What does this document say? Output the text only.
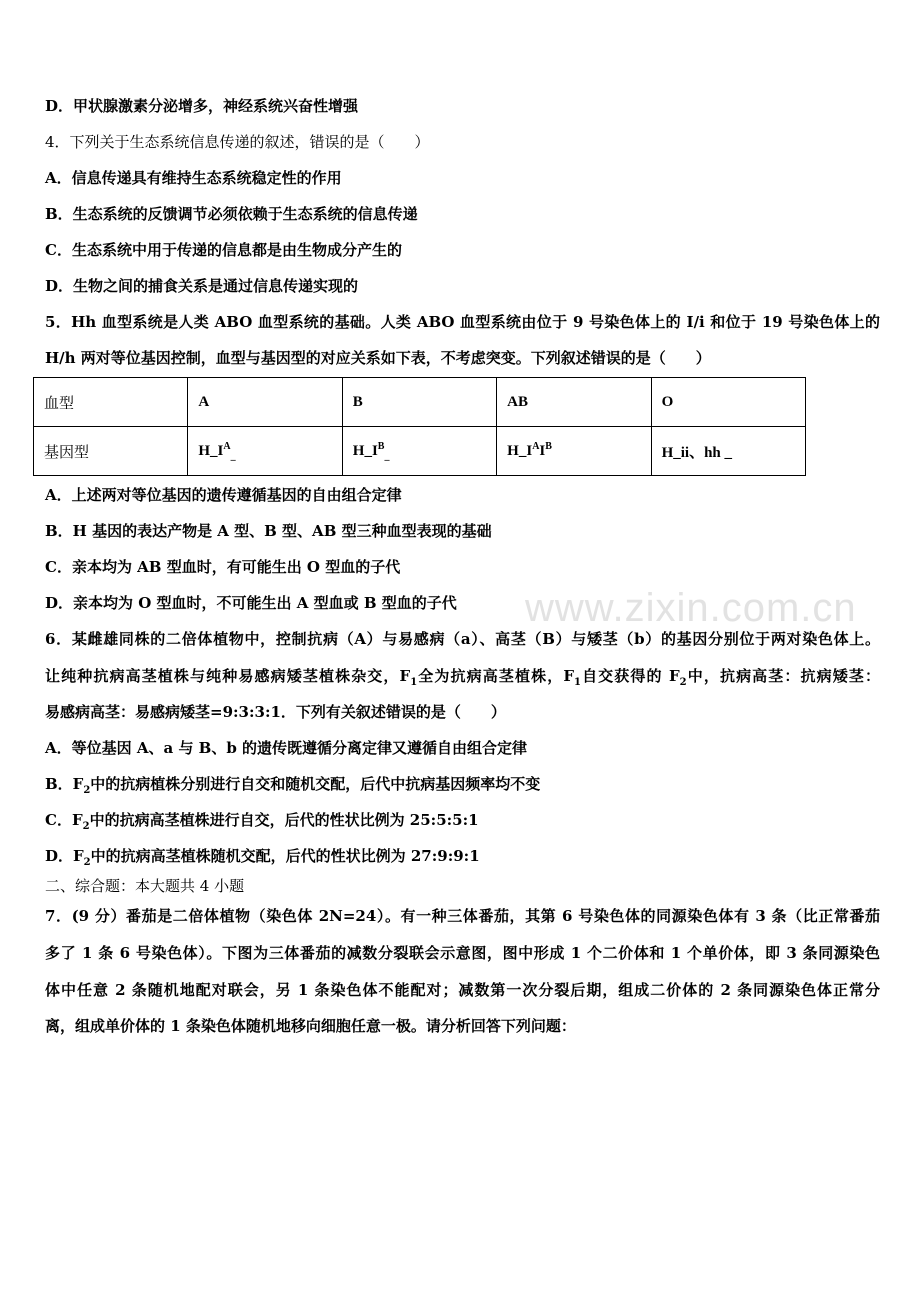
www.zixin.com.cn
D．甲状腺激素分泌增多，神经系统兴奋性增强
4．下列关于生态系统信息传递的叙述，错误的是（　　）
A．信息传递具有维持生态系统稳定性的作用
B．生态系统的反馈调节必须依赖于生态系统的信息传递
C．生态系统中用于传递的信息都是由生物成分产生的
D．生物之间的捕食关系是通过信息传递实现的
5．Hh 血型系统是人类 ABO 血型系统的基础。人类 ABO 血型系统由位于 9 号染色体上的 I/i 和位于 19 号染色体上的
H/h 两对等位基因控制，血型与基因型的对应关系如下表，不考虑突变。下列叙述错误的是（　　）
血型	A	B	AB	O
基因型	$H\_I^A_{\_}$	$H\_I^B_{\_}$	$H\_I^AI^B$	H_ii、hh _
A．上述两对等位基因的遗传遵循基因的自由组合定律
B．H 基因的表达产物是 A 型、B 型、AB 型三种血型表现的基础
C．亲本均为 AB 型血时，有可能生出 O 型血的子代
D．亲本均为 O 型血时，不可能生出 A 型血或 B 型血的子代
6．某雌雄同株的二倍体植物中，控制抗病（A）与易感病（a）、高茎（B）与矮茎（b）的基因分别位于两对染色体上。
让纯种抗病高茎植株与纯种易感病矮茎植株杂交，$F_1$全为抗病高茎植株，$F_1$自交获得的 $F_2$中，抗病高茎：抗病矮茎：
易感病高茎：易感病矮茎=9:3:3:1．下列有关叙述错误的是（　　）
A．等位基因 A、a 与 B、b 的遗传既遵循分离定律又遵循自由组合定律
B．$F_2$中的抗病植株分别进行自交和随机交配，后代中抗病基因频率均不变
C．$F_2$中的抗病高茎植株进行自交，后代的性状比例为 25:5:5:1
D．$F_2$中的抗病高茎植株随机交配，后代的性状比例为 27:9:9:1
二、综合题：本大题共 4 小题
7．(9 分）番茄是二倍体植物（染色体 2N=24）。有一种三体番茄，其第 6 号染色体的同源染色体有 3 条（比正常番茄
多了 1 条 6 号染色体）。下图为三体番茄的减数分裂联会示意图，图中形成 1 个二价体和 1 个单价体，即 3 条同源染色
体中任意 2 条随机地配对联会，另 1 条染色体不能配对；减数第一次分裂后期，组成二价体的 2 条同源染色体正常分
离，组成单价体的 1 条染色体随机地移向细胞任意一极。请分析回答下列问题：
